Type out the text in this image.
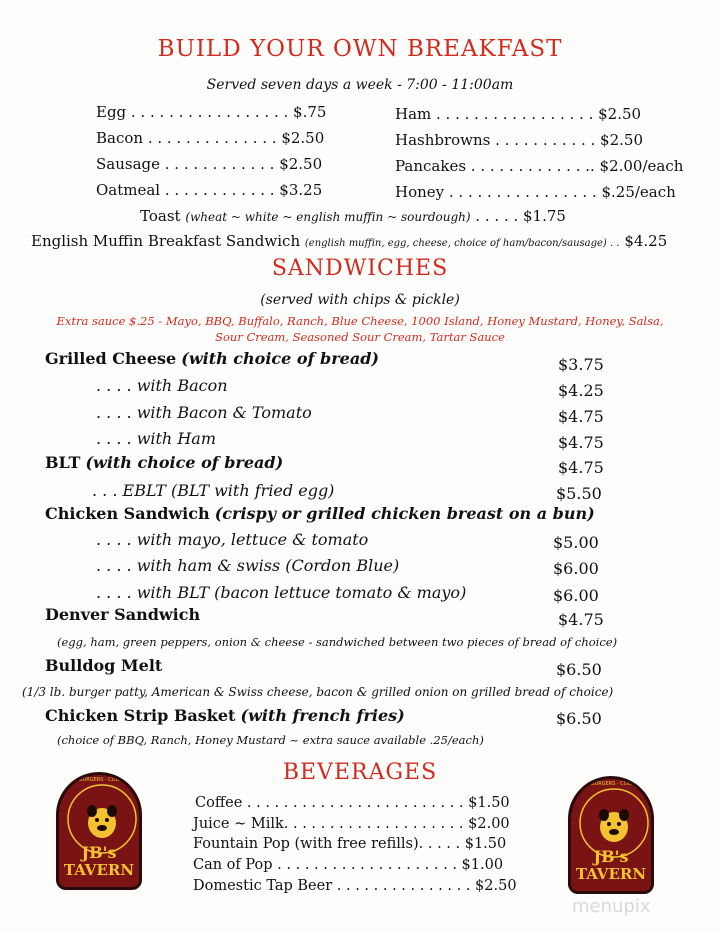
BUILD YOUR OWN BREAKFAST
Served seven days a week - 7:00 - 11:00am
Egg . . . . . . . . . . . . . . . . . $.75
Bacon . . . . . . . . . . . . . . $2.50
Sausage . . . . . . . . . . . . $2.50
Oatmeal . . . . . . . . . . . . $3.25
Ham . . . . . . . . . . . . . . . . . $2.50
Hashbrowns . . . . . . . . . . . $2.50
Pancakes . . . . . . . . . . . . .. $2.00/each
Honey . . . . . . . . . . . . . . . . $.25/each
Toast (wheat ~ white ~ english muffin ~ sourdough) . . . . . $1.75
English Muffin Breakfast Sandwich (english muffin, egg, cheese, choice of ham/bacon/sausage) . . $4.25
SANDWICHES
(served with chips & pickle)
Extra sauce $.25 - Mayo, BBQ, Buffalo, Ranch, Blue Cheese, 1000 Island, Honey Mustard, Honey, Salsa,
Sour Cream, Seasoned Sour Cream, Tartar Sauce
Grilled Cheese (with choice of bread)	$3.75
. . . . with Bacon	$4.25
. . . . with Bacon & Tomato	$4.75
. . . . with Ham	$4.75
BLT (with choice of bread)	$4.75
. . . EBLT (BLT with fried egg)	$5.50
Chicken Sandwich (crispy or grilled chicken breast on a bun)
. . . . with mayo, lettuce & tomato	$5.00
. . . . with ham & swiss (Cordon Blue)	$6.00
. . . . with BLT (bacon lettuce tomato & mayo)	$6.00
Denver Sandwich	$4.75
(egg, ham, green peppers, onion & cheese - sandwiched between two pieces of bread of choice)
Bulldog Melt	$6.50
(1/3 lb. burger patty, American & Swiss cheese, bacon & grilled onion on grilled bread of choice)
Chicken Strip Basket (with french fries)	$6.50
(choice of BBQ, Ranch, Honey Mustard ~ extra sauce available .25/each)
BEVERAGES
Coffee . . . . . . . . . . . . . . . . . . . . . . . . $1.50
Juice ~ Milk. . . . . . . . . . . . . . . . . . . . $2.00
Fountain Pop (with free refills). . . . . $1.50
Can of Pop . . . . . . . . . . . . . . . . . . . . $1.00
Domestic Tap Beer . . . . . . . . . . . . . . . $2.50
GREAT BURGERS · COLD BEER
JB's
TAVERN
GREAT BURGERS · COLD BEER
JB's
TAVERN
menupix
